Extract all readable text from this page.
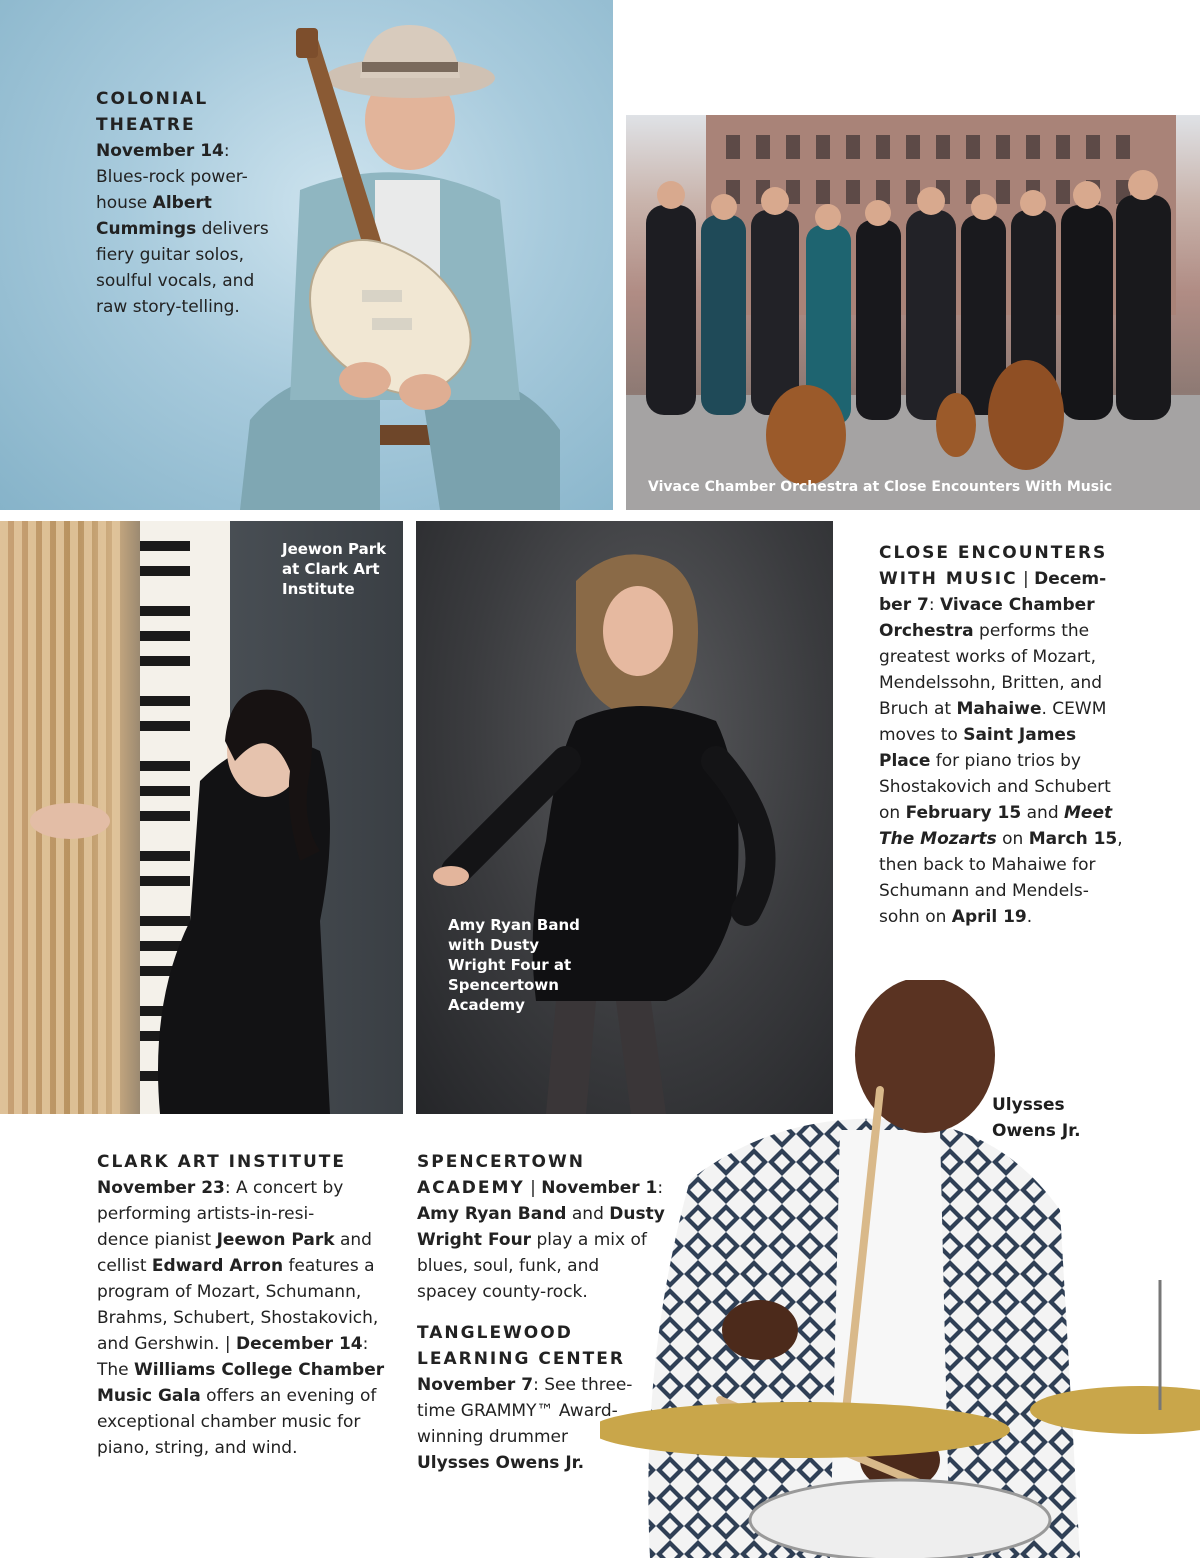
COLONIAL
THEATRE
November 14:
Blues-rock power-
house Albert
Cummings delivers
fiery guitar solos,
soulful vocals, and
raw story-telling.
Vivace Chamber Orchestra at Close Encounters With Music
Jeewon Park
at Clark Art
Institute
Amy Ryan Band
with Dusty
Wright Four at
Spencertown
Academy
Ulysses
Owens Jr.
CLOSE ENCOUNTERS
WITH MUSIC | Decem-
ber 7: Vivace Chamber
Orchestra performs the
greatest works of Mozart,
Mendelssohn, Britten, and
Bruch at Mahaiwe. CEWM
moves to Saint James
Place for piano trios by
Shostakovich and Schubert
on February 15 and Meet
The Mozarts on March 15,
then back to Mahaiwe for
Schumann and Mendels-
sohn on April 19.
CLARK ART INSTITUTE
November 23: A concert by
performing artists-in-resi-
dence pianist Jeewon Park and
cellist Edward Arron features a
program of Mozart, Schumann,
Brahms, Schubert, Shostakovich,
and Gershwin. | December 14:
The Williams College Chamber
Music Gala offers an evening of
exceptional chamber music for
piano, string, and wind.
SPENCERTOWN
ACADEMY | November 1:
Amy Ryan Band and Dusty
Wright Four play a mix of
blues, soul, funk, and
spacey county-rock.
TANGLEWOOD
LEARNING CENTER
November 7: See three-
time GRAMMY™ Award-
winning drummer
Ulysses Owens Jr.
